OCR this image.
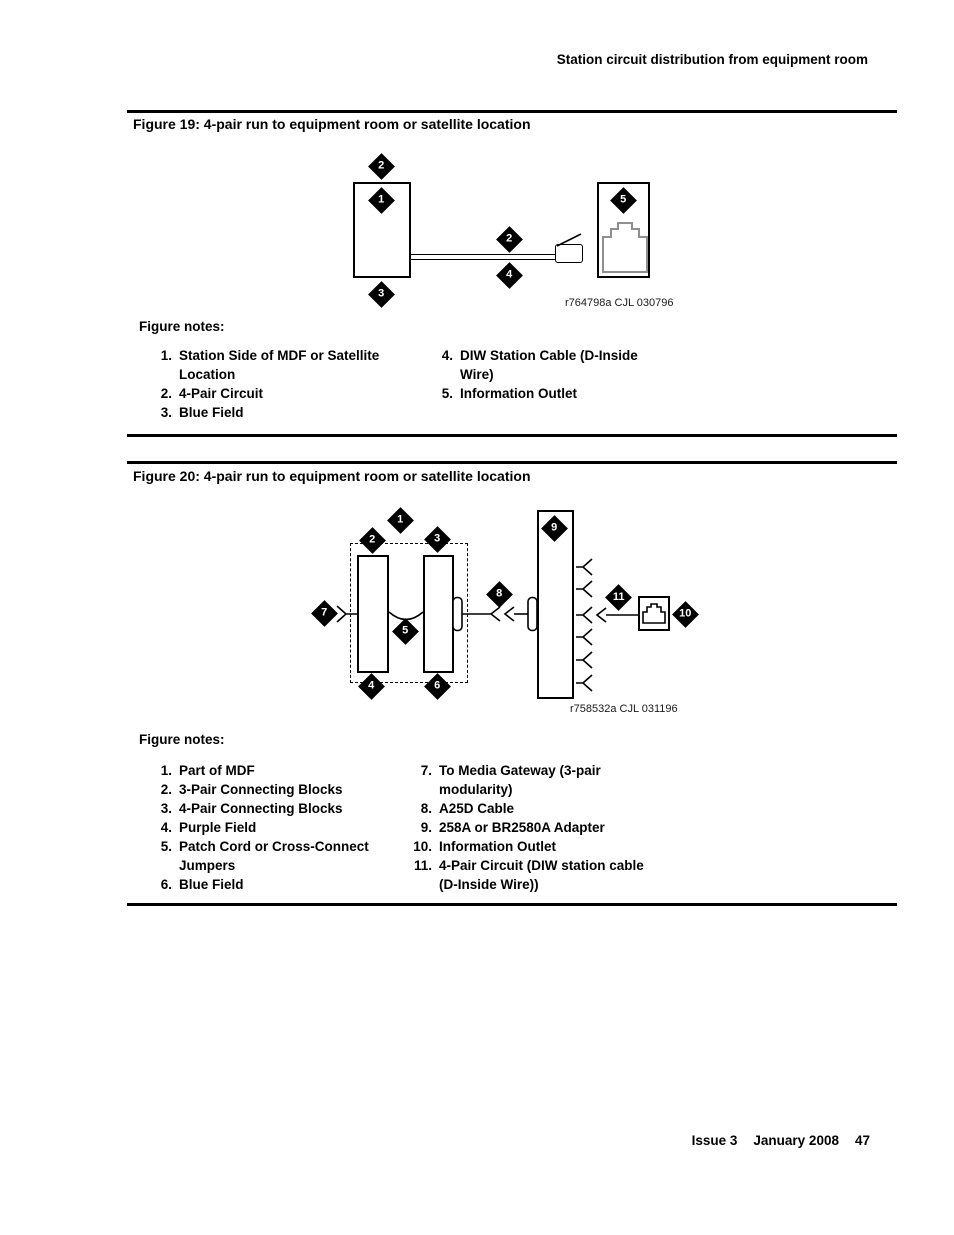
Station circuit distribution from equipment room
Figure 19: 4-pair run to equipment room or satellite location
2
1
3
2
4
5
r764798a CJL 030796
Figure notes:
1. Station Side of MDF or Satellite
Location
2. 4-Pair Circuit
3. Blue Field
4. DIW Station Cable (D-Inside
Wire)
5. Information Outlet
Figure 20: 4-pair run to equipment room or satellite location
1
2	3
4
5
6
7
8
9
10
11
r758532a CJL 031196
Figure notes:
1. Part of MDF
2. 3-Pair Connecting Blocks
3. 4-Pair Connecting Blocks
4. Purple Field
5. Patch Cord or Cross-Connect
Jumpers
6. Blue Field
7. To Media Gateway (3-pair
modularity)
8. A25D Cable
9. 258A or BR2580A Adapter
10. Information Outlet
11. 4-Pair Circuit (DIW station cable
(D-Inside Wire))
Issue 3 January 2008 47
